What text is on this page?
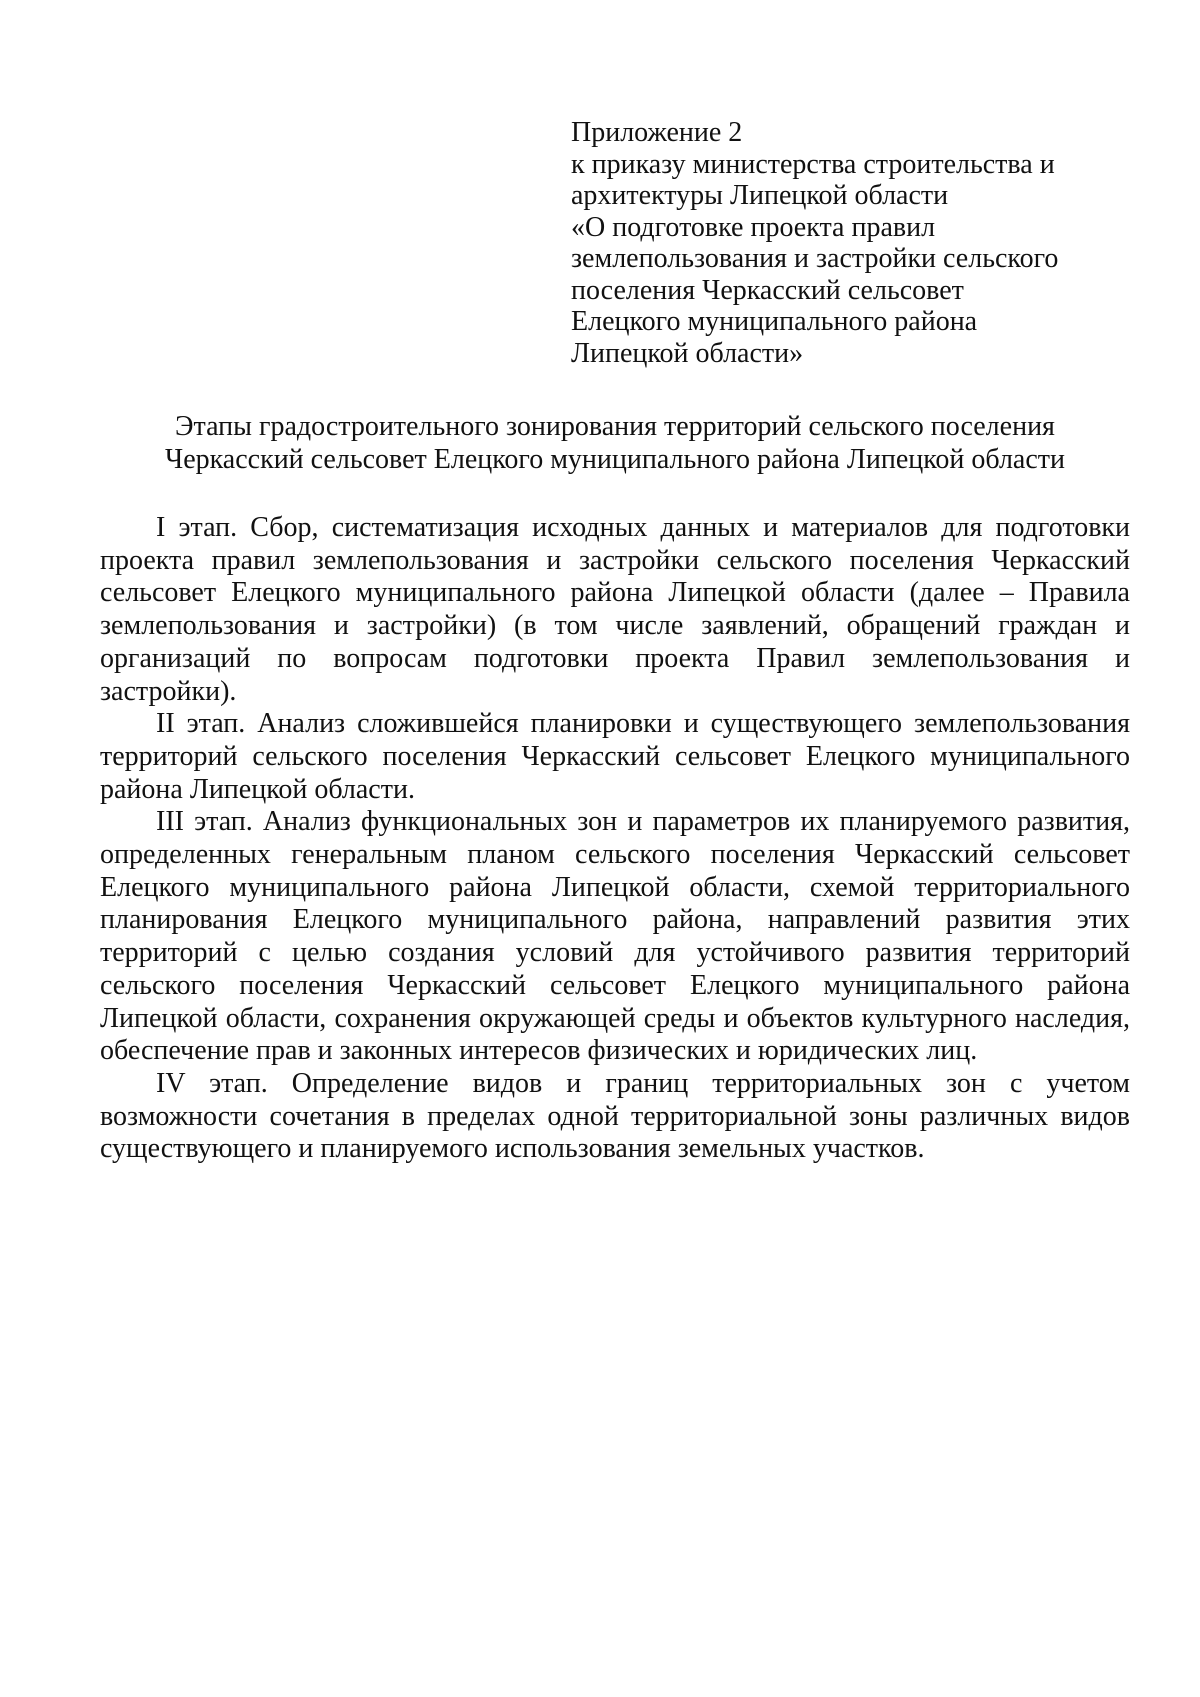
Приложение 2
к приказу министерства строительства и
архитектуры Липецкой области
«О подготовке проекта правил
землепользования и застройки сельского
поселения Черкасский сельсовет
Елецкого муниципального района
Липецкой области»
Этапы градостроительного зонирования территорий сельского поселения
Черкасский сельсовет Елецкого муниципального района Липецкой области

I этап. Сбор, систематизация исходных данных и материалов для подготовки проекта правил землепользования и застройки сельского поселения Черкасский сельсовет Елецкого муниципального района Липецкой области (далее – Правила землепользования и застройки) (в том числе заявлений, обращений граждан и организаций по вопросам подготовки проекта Правил землепользования и застройки).

II этап. Анализ сложившейся планировки и существующего землепользования территорий сельского поселения Черкасский сельсовет Елецкого муниципального района Липецкой области.

III этап. Анализ функциональных зон и параметров их планируемого развития, определенных генеральным планом сельского поселения Черкасский сельсовет Елецкого муниципального района Липецкой области, схемой территориального планирования Елецкого муниципального района, направлений развития этих территорий с целью создания условий для устойчивого развития территорий сельского поселения Черкасский сельсовет Елецкого муниципального района Липецкой области, сохранения окружающей среды и объектов культурного наследия, обеспечение прав и законных интересов физических и юридических лиц.

IV этап. Определение видов и границ территориальных зон с учетом возможности сочетания в пределах одной территориальной зоны различных видов существующего и планируемого использования земельных участков.
